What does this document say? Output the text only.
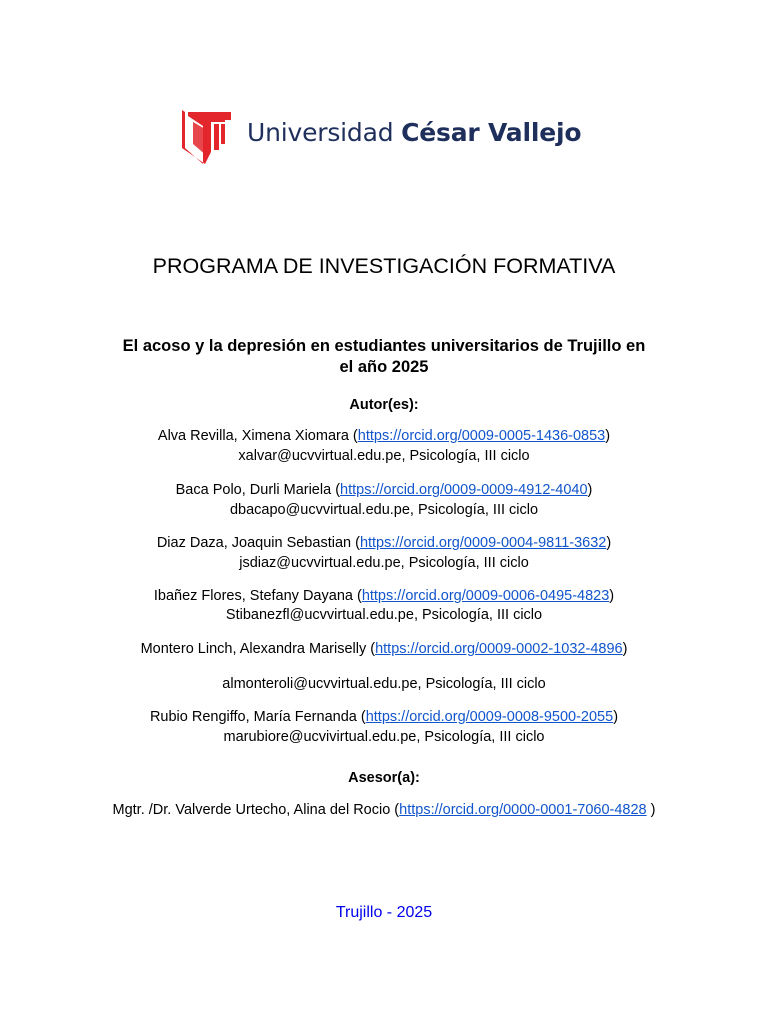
Universidad César Vallejo
PROGRAMA DE INVESTIGACIÓN FORMATIVA
El acoso y la depresión en estudiantes universitarios de Trujillo en
el año 2025
Autor(es):
Alva Revilla, Ximena Xiomara (https://orcid.org/0009-0005-1436-0853)
xalvar@ucvvirtual.edu.pe, Psicología, III ciclo
Baca Polo, Durli Mariela (https://orcid.org/0009-0009-4912-4040)
dbacapo@ucvvirtual.edu.pe, Psicología, III ciclo
Diaz Daza, Joaquin Sebastian (https://orcid.org/0009-0004-9811-3632)
jsdiaz@ucvvirtual.edu.pe, Psicología, III ciclo
Ibañez Flores, Stefany Dayana (https://orcid.org/0009-0006-0495-4823)
Stibanezfl@ucvvirtual.edu.pe, Psicología, III ciclo
Montero Linch, Alexandra Mariselly (https://orcid.org/0009-0002-1032-4896)
almonteroli@ucvvirtual.edu.pe, Psicología, III ciclo
Rubio Rengiffo, María Fernanda (https://orcid.org/0009-0008-9500-2055)
marubiore@ucvivirtual.edu.pe, Psicología, III ciclo
Asesor(a):
Mgtr. /Dr. Valverde Urtecho, Alina del Rocio (https://orcid.org/0000-0001-7060-4828 )
Trujillo - 2025
